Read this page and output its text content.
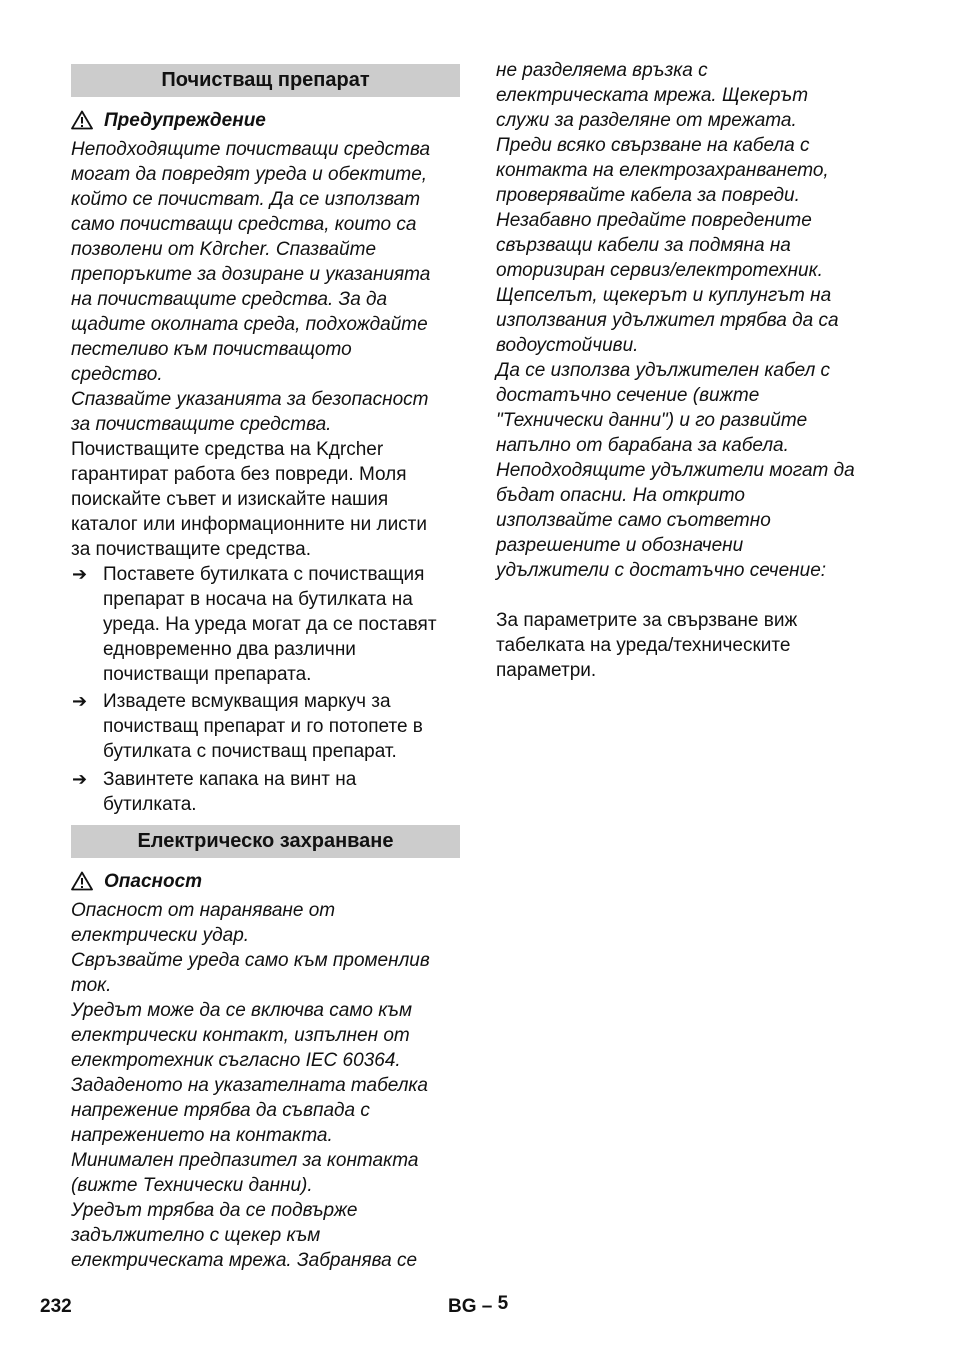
Почистващ препарат
Предупреждение
Неподходящите почистващи средства
могат да повредят уреда и обектите,
който се почистват. Да се използват
само почистващи средства, които са
позволени от Kдrcher. Спазвайте
препоръките за дозиране и указанията
на почистващите средства. За да
щадите околната среда, подхождайте
пестеливо към почистващото
средство.
Спазвайте указанията за безопасност
за почистващите средства.
Почистващите средства на Kдrcher
гарантират работа без повреди. Моля
поискайте съвет и изискайте нашия
каталог или информационните ни листи
за почистващите средства.
➔ Поставете бутилката с почистващия
препарат в носача на бутилката на
уреда. На уреда могат да се поставят
едновременно два различни
почистващи препарата.
➔ Извадете всмукващия маркуч за
почистващ препарат и го потопете в
бутилката с почистващ препарат.
➔ Завинтете капака на винт на
бутилката.
Електрическо захранване
Опасност
Опасност от нараняване от
електрически удар.
Свръзвайте уреда само към променлив
ток.
Уредът може да се включва само към
електрически контакт, изпълнен от
електротехник съгласно IEC 60364.
Зададеното на указателната табелка
напрежение трябва да съвпада с
напрежението на контакта.
Минимален предпазител за контакта
(вижте Технически данни).
Уредът трябва да се подвържe
задължително с щекер към
електрическата мрежа. Забранява се
не разделяема връзка с
електрическата мрежа. Щекерът
служи за разделяне от мрежата.
Преди всяко свързване на кабела с
контакта на електрозахранването,
проверявайте кабела за повреди.
Незабавно предайте повредените
свързващи кабели за подмяна на
оторизиран сервиз/електротехник.
Щепселът, щекерът и куплунгът на
използвания удължител трябва да са
водоустойчиви.
Да се използва удължителен кабел с
достатъчно сечение (вижте
"Технически данни") и го развийте
напълно от барабана за кабела.
Неподходящите удължители могат да
бъдат опасни. На открито
използвайте само съответно
разрешените и обозначени
удължители с достатъчно сечение:
За параметрите за свързване виж
табелката на уреда/техническите
параметри.
232	BG – 5
